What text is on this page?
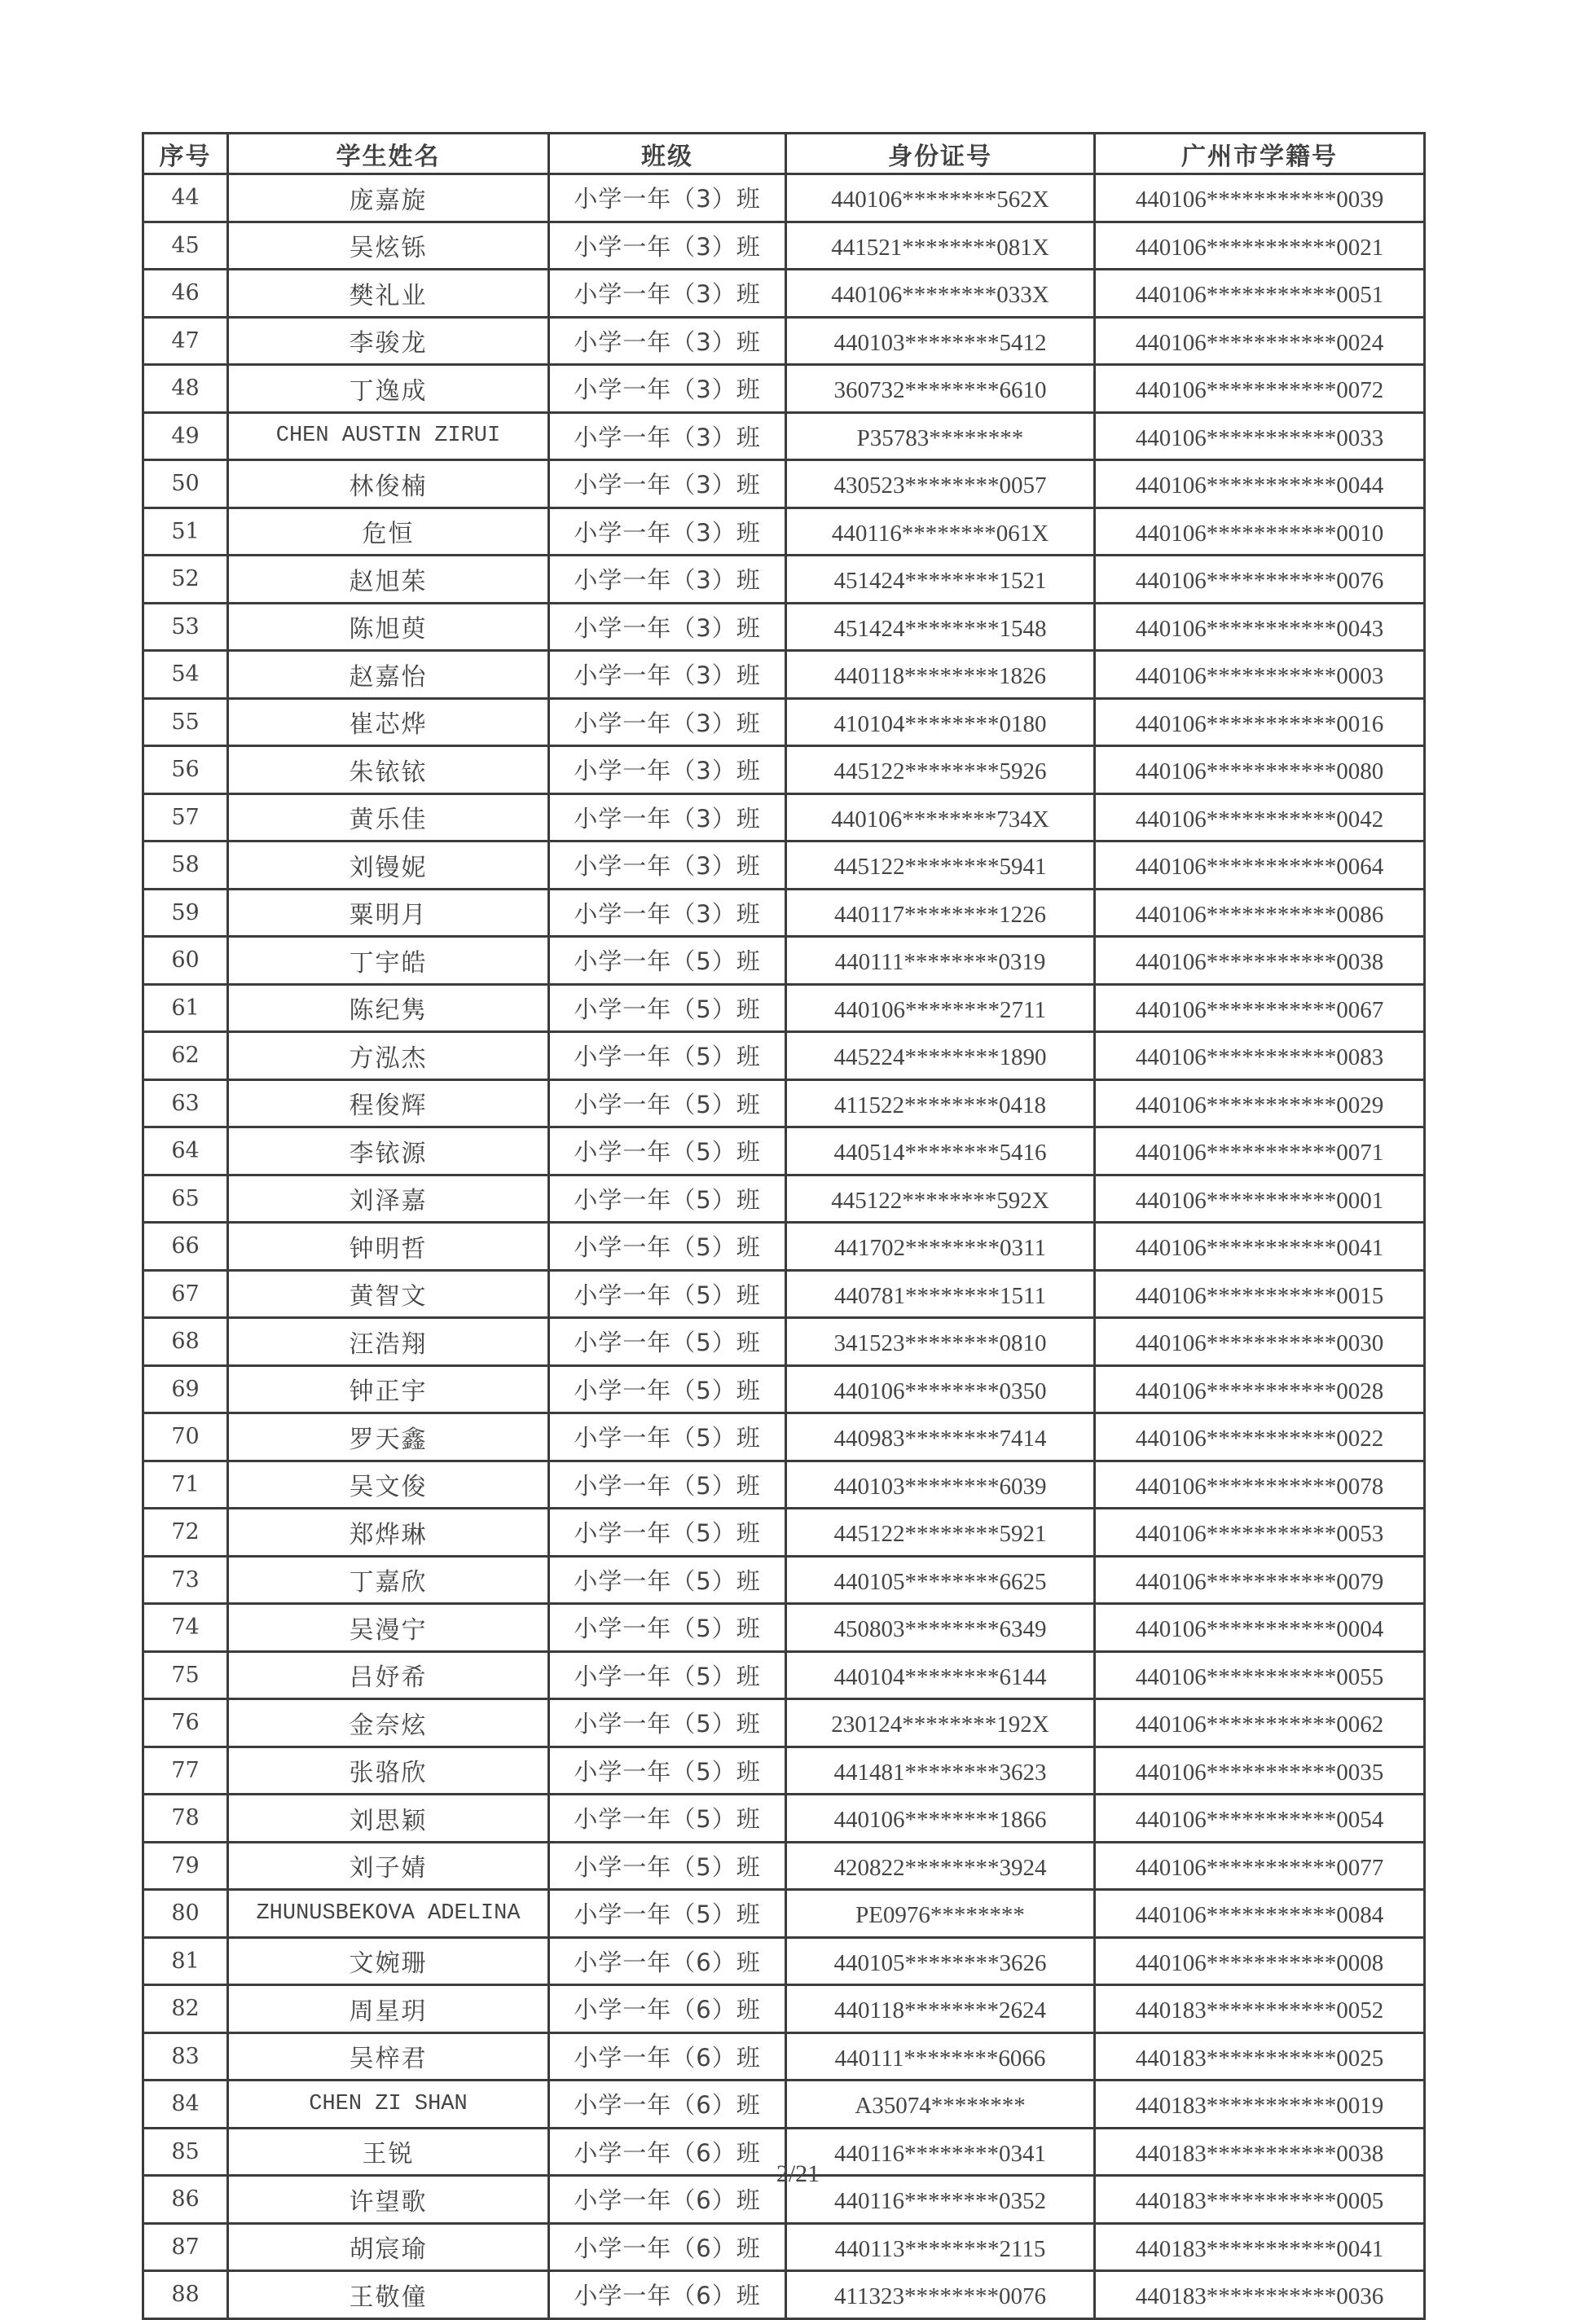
序号	学生姓名	班级	身份证号	广州市学籍号
44	庞嘉旋	小学一年（3）班	440106********562X	440106***********0039
45	吴炫铄	小学一年（3）班	441521********081X	440106***********0021
46	樊礼业	小学一年（3）班	440106********033X	440106***********0051
47	李骏龙	小学一年（3）班	440103********5412	440106***********0024
48	丁逸成	小学一年（3）班	360732********6610	440106***********0072
49	CHEN AUSTIN ZIRUI	小学一年（3）班	P35783********	440106***********0033
50	林俊楠	小学一年（3）班	430523********0057	440106***********0044
51	危恒	小学一年（3）班	440116********061X	440106***********0010
52	赵旭茱	小学一年（3）班	451424********1521	440106***********0076
53	陈旭萸	小学一年（3）班	451424********1548	440106***********0043
54	赵嘉怡	小学一年（3）班	440118********1826	440106***********0003
55	崔芯烨	小学一年（3）班	410104********0180	440106***********0016
56	朱铱铱	小学一年（3）班	445122********5926	440106***********0080
57	黄乐佳	小学一年（3）班	440106********734X	440106***********0042
58	刘镘妮	小学一年（3）班	445122********5941	440106***********0064
59	粟明月	小学一年（3）班	440117********1226	440106***********0086
60	丁宇皓	小学一年（5）班	440111********0319	440106***********0038
61	陈纪隽	小学一年（5）班	440106********2711	440106***********0067
62	方泓杰	小学一年（5）班	445224********1890	440106***********0083
63	程俊辉	小学一年（5）班	411522********0418	440106***********0029
64	李铱源	小学一年（5）班	440514********5416	440106***********0071
65	刘泽嘉	小学一年（5）班	445122********592X	440106***********0001
66	钟明哲	小学一年（5）班	441702********0311	440106***********0041
67	黄智文	小学一年（5）班	440781********1511	440106***********0015
68	汪浩翔	小学一年（5）班	341523********0810	440106***********0030
69	钟正宇	小学一年（5）班	440106********0350	440106***********0028
70	罗天鑫	小学一年（5）班	440983********7414	440106***********0022
71	吴文俊	小学一年（5）班	440103********6039	440106***********0078
72	郑烨琳	小学一年（5）班	445122********5921	440106***********0053
73	丁嘉欣	小学一年（5）班	440105********6625	440106***********0079
74	吴漫宁	小学一年（5）班	450803********6349	440106***********0004
75	吕妤希	小学一年（5）班	440104********6144	440106***********0055
76	金奈炫	小学一年（5）班	230124********192X	440106***********0062
77	张骆欣	小学一年（5）班	441481********3623	440106***********0035
78	刘思颖	小学一年（5）班	440106********1866	440106***********0054
79	刘子婧	小学一年（5）班	420822********3924	440106***********0077
80	ZHUNUSBEKOVA ADELINA	小学一年（5）班	PE0976********	440106***********0084
81	文婉珊	小学一年（6）班	440105********3626	440106***********0008
82	周星玥	小学一年（6）班	440118********2624	440183***********0052
83	吴梓君	小学一年（6）班	440111********6066	440183***********0025
84	CHEN ZI SHAN	小学一年（6）班	A35074********	440183***********0019
85	王锐	小学一年（6）班	440116********0341	440183***********0038
86	许望歌	小学一年（6）班	440116********0352	440183***********0005
87	胡宸瑜	小学一年（6）班	440113********2115	440183***********0041
88	王敬僮	小学一年（6）班	411323********0076	440183***********0036
2/21
